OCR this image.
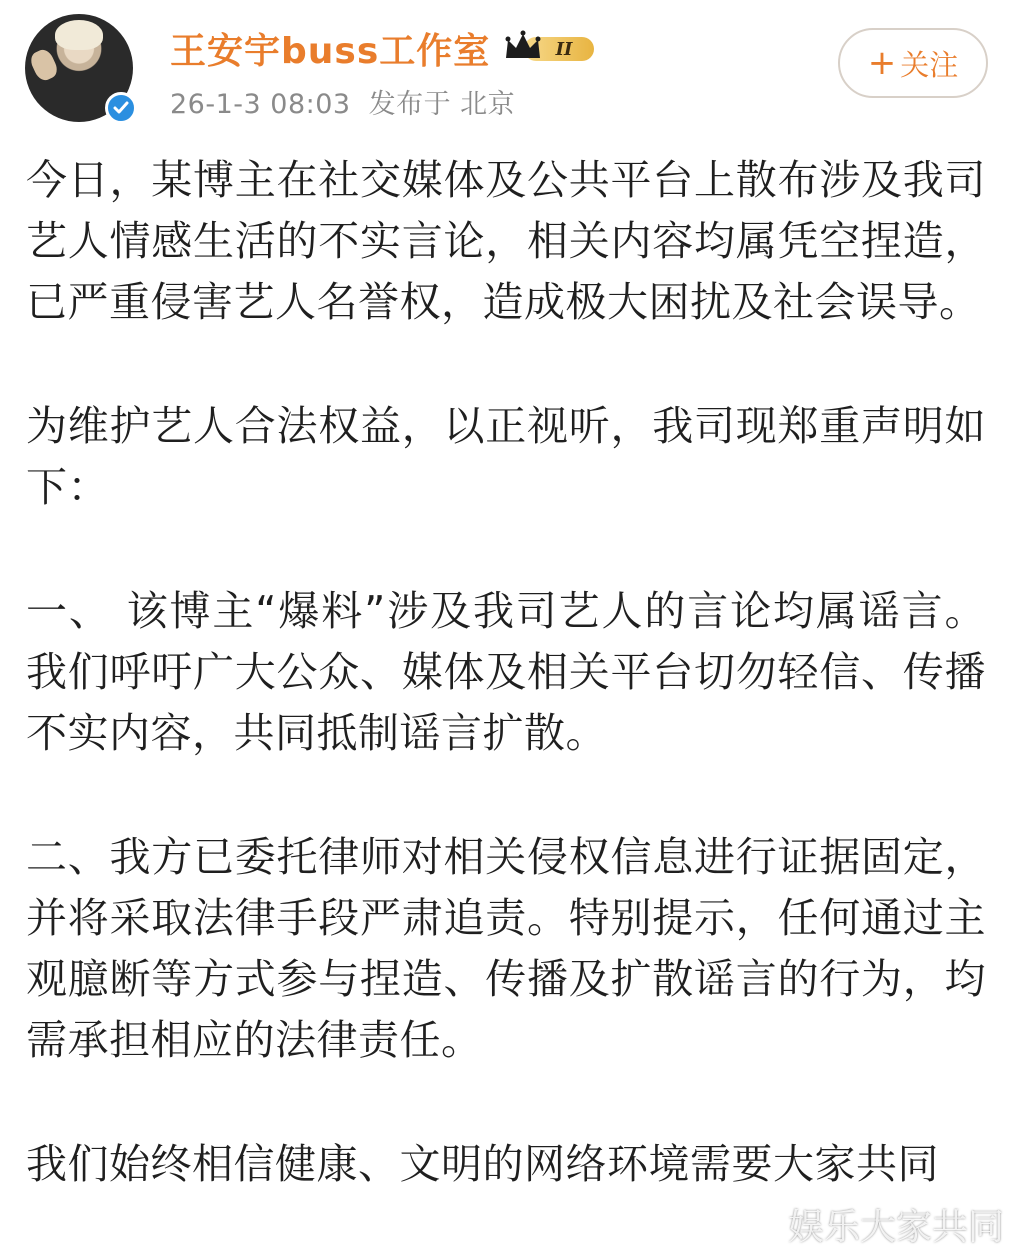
王安宇buss工作室	II
26-1-3 08:03 发布于 北京
+ 关注

今日，某博主在社交媒体及公共平台上散布涉及我司艺人情感生活的不实言论，相关内容均属凭空捏造，已严重侵害艺人名誉权，造成极大困扰及社会误导。

为维护艺人合法权益，以正视听，我司现郑重声明如下：

一、 该博主“爆料”涉及我司艺人的言论均属谣言。我们呼吁广大公众、媒体及相关平台切勿轻信、传播不实内容，共同抵制谣言扩散。

二、我方已委托律师对相关侵权信息进行证据固定，并将采取法律手段严肃追责。特别提示，任何通过主观臆断等方式参与捏造、传播及扩散谣言的行为，均需承担相应的法律责任。

我们始终相信健康、文明的网络环境需要大家共同

娱乐大家共同
